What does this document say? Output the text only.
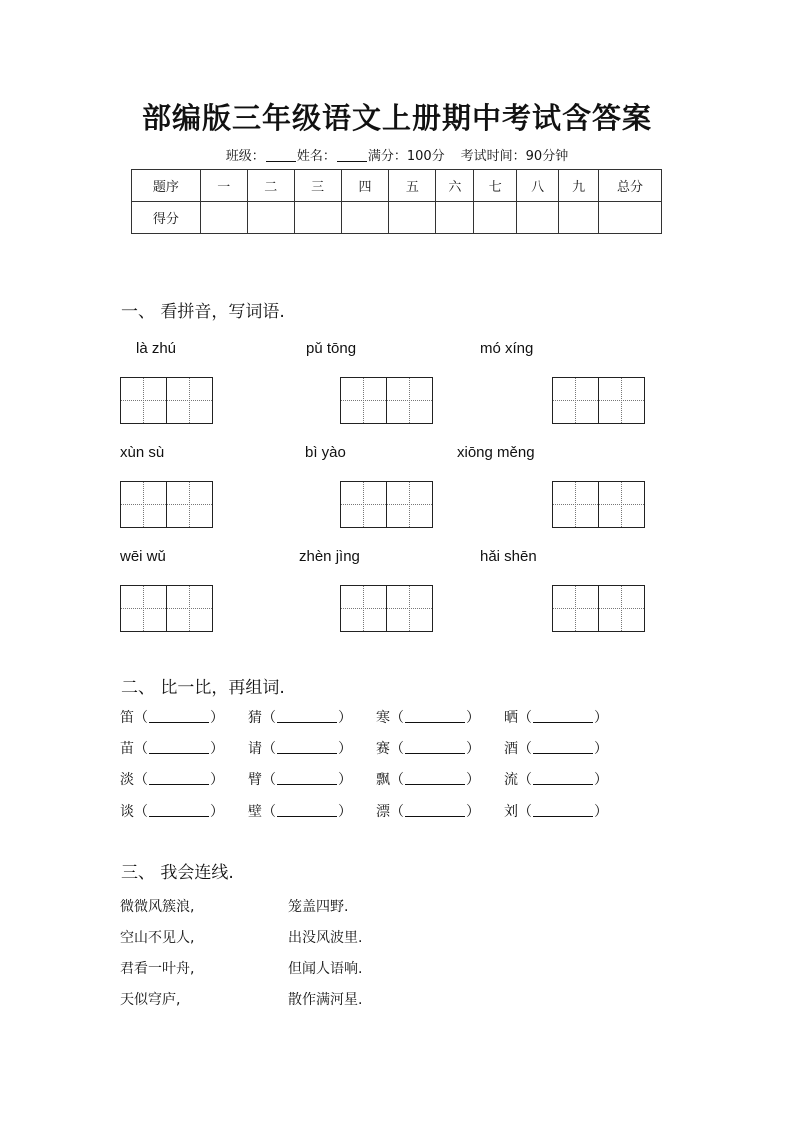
部编版三年级语文上册期中考试含答案
班级： 姓名： 满分：100分 考试时间：90分钟
题序	一	二	三	四	五	六	七	八	九	总分
得分										
一、 看拼音，写词语.
là zhú	pǔ tōng	mó xíng
xùn sù	bì yào	xiōng měng
wēi wǔ	zhèn jìng	hǎi shēn
二、 比一比，再组词.
笛（	） 猜（	） 寒（	） 晒（	）
苗（	） 请（	） 赛（	） 酒（	）
淡（	） 臂（	） 飘（	） 流（	）
谈（	） 壁（	） 漂（	） 刘（	）
三、 我会连线.
微微风簇浪,	笼盖四野.
空山不见人,	出没风波里.
君看一叶舟,	但闻人语响.
天似穹庐,	散作满河星.
